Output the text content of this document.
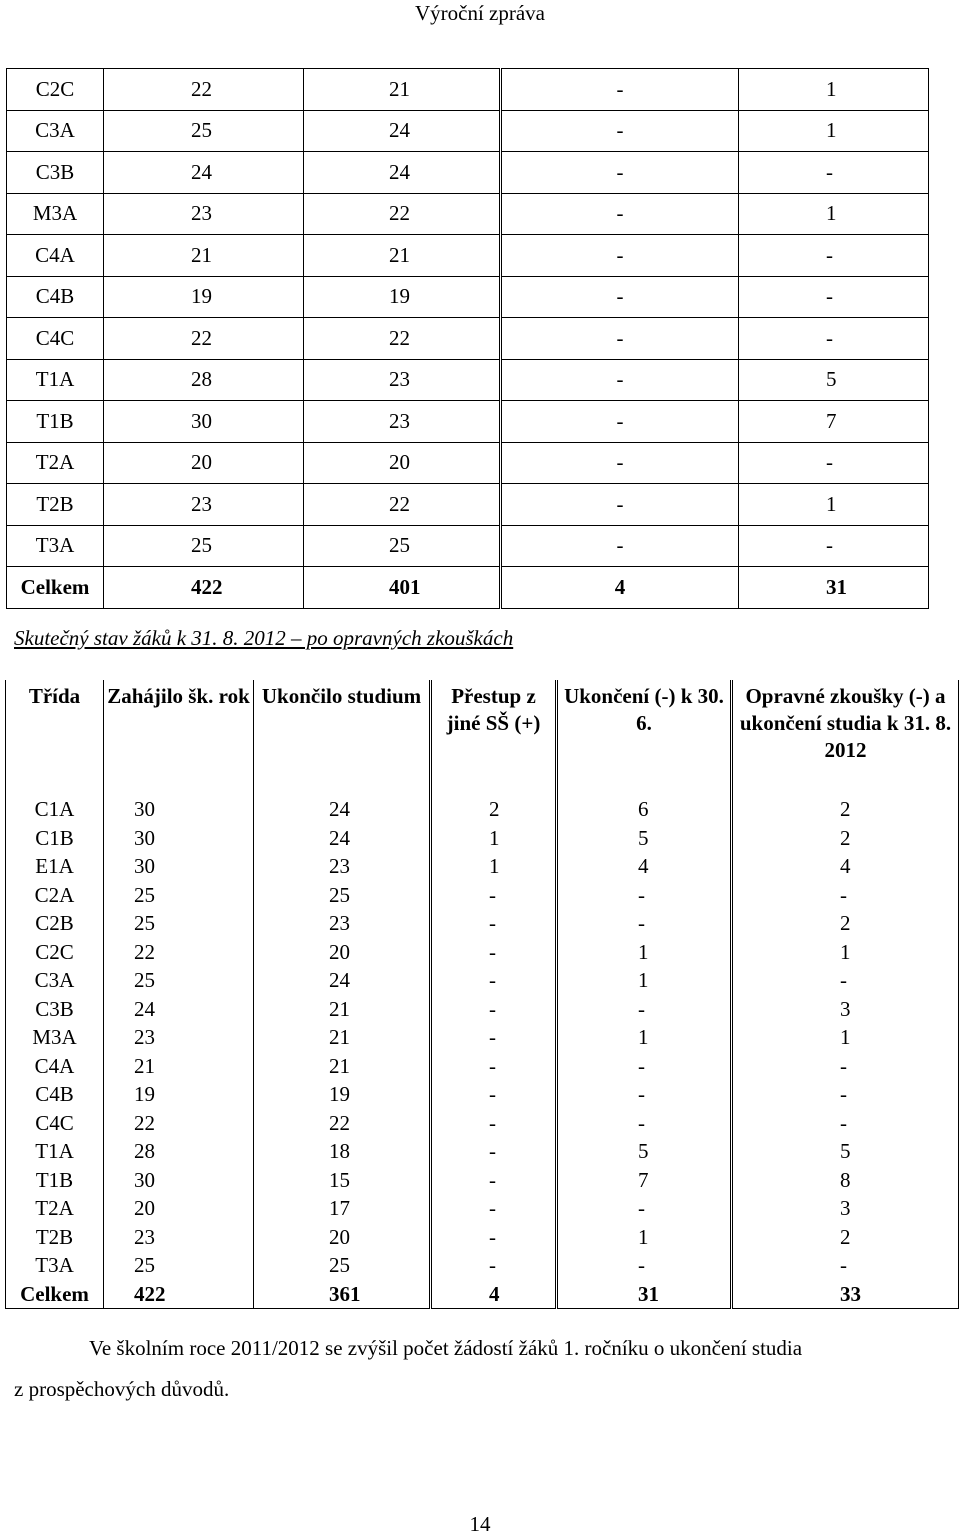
Výroční zpráva
C2C	22	21	-	1
C3A	25	24	-	1
C3B	24	24	-	-
M3A	23	22	-	1
C4A	21	21	-	-
C4B	19	19	-	-
C4C	22	22	-	-
T1A	28	23	-	5
T1B	30	23	-	7
T2A	20	20	-	-
T2B	23	22	-	1
T3A	25	25	-	-
Celkem	422	401	4	31
Skutečný stav žáků k 31. 8. 2012 – po opravných zkouškách
Třída	Zahájilo šk. rok	Ukončilo studium	Přestup z jiné SŠ (+)	Ukončení (-) k 30. 6.	Opravné zkoušky (-) a ukončení studia k 31. 8. 2012
C1A	30	24	2	6	2
C1B	30	24	1	5	2
E1A	30	23	1	4	4
C2A	25	25	-	-	-
C2B	25	23	-	-	2
C2C	22	20	-	1	1
C3A	25	24	-	1	-
C3B	24	21	-	-	3
M3A	23	21	-	1	1
C4A	21	21	-	-	-
C4B	19	19	-	-	-
C4C	22	22	-	-	-
T1A	28	18	-	5	5
T1B	30	15	-	7	8
T2A	20	17	-	-	3
T2B	23	20	-	1	2
T3A	25	25	-	-	-
Celkem	422	361	4	31	33
Ve školním roce 2011/2012 se zvýšil počet žádostí žáků 1. ročníku o ukončení studia
z prospěchových důvodů.
14
